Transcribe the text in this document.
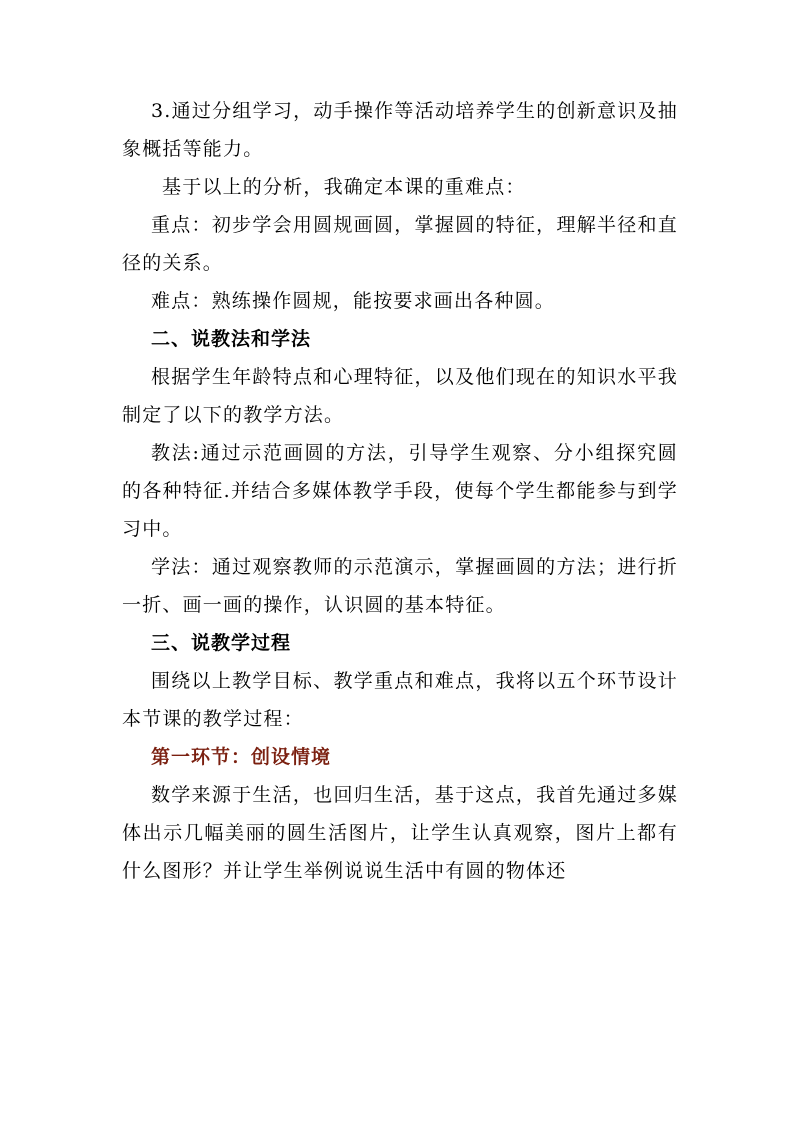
3.通过分组学习，动手操作等活动培养学生的创新意识及抽象概括等能力。

基于以上的分析，我确定本课的重难点：

重点：初步学会用圆规画圆，掌握圆的特征，理解半径和直径的关系。

难点：熟练操作圆规，能按要求画出各种圆。

二、说教法和学法

根据学生年龄特点和心理特征，以及他们现在的知识水平我制定了以下的教学方法。

教法:通过示范画圆的方法，引导学生观察、分小组探究圆的各种特征.并结合多媒体教学手段，使每个学生都能参与到学习中。

学法：通过观察教师的示范演示，掌握画圆的方法；进行折一折、画一画的操作，认识圆的基本特征。

三、说教学过程

围绕以上教学目标、教学重点和难点，我将以五个环节设计本节课的教学过程：

第一环节：创设情境

数学来源于生活，也回归生活，基于这点，我首先通过多媒体出示几幅美丽的圆生活图片，让学生认真观察，图片上都有什么图形？并让学生举例说说生活中有圆的物体还
